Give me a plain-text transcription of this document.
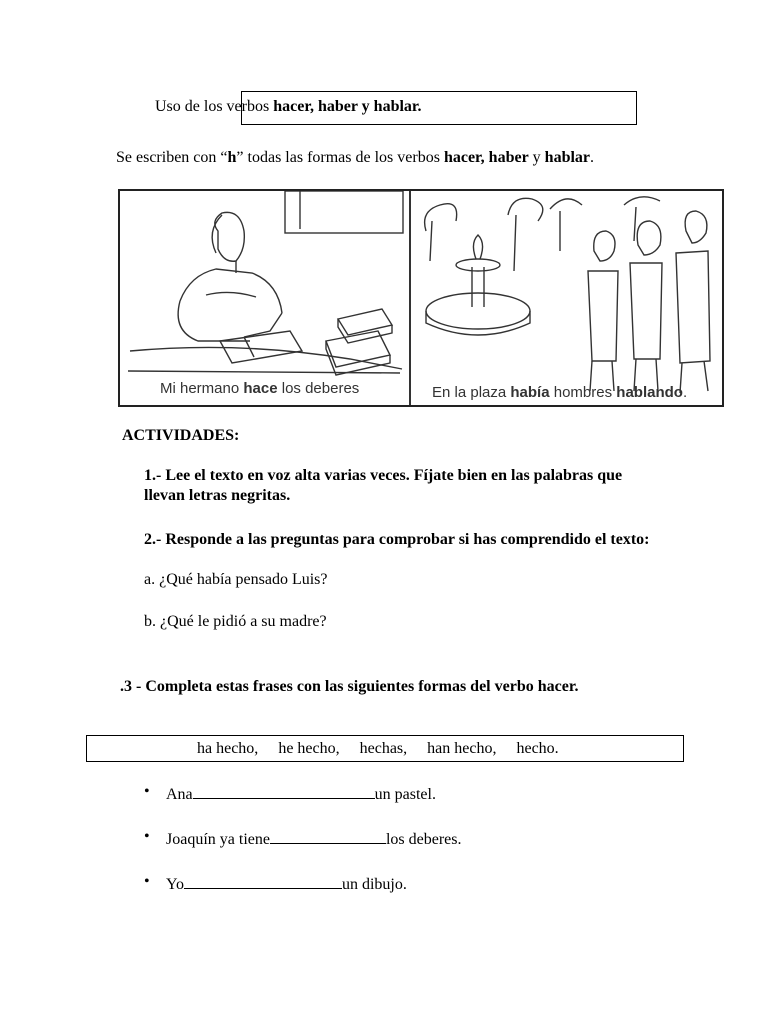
Uso de los verbos hacer, haber y hablar.
Se escriben con “h” todas las formas de los verbos hacer, haber y hablar.
Mi hermano hace los deberes	En la plaza había hombres hablando.
ACTIVIDADES:
1.- Lee el texto en voz alta varias veces. Fíjate bien en las palabras que llevan letras negritas.
2.- Responde a las preguntas para comprobar si has comprendido el texto:
a. ¿Qué había pensado Luis?
b. ¿Qué le pidió a su madre?
.3 - Completa estas frases con las siguientes formas del verbo hacer.
ha hecho, he hecho, hechas, han hecho, hecho.
• Ana	un pastel.
• Joaquín ya tiene	los deberes.
• Yo	un dibujo.
